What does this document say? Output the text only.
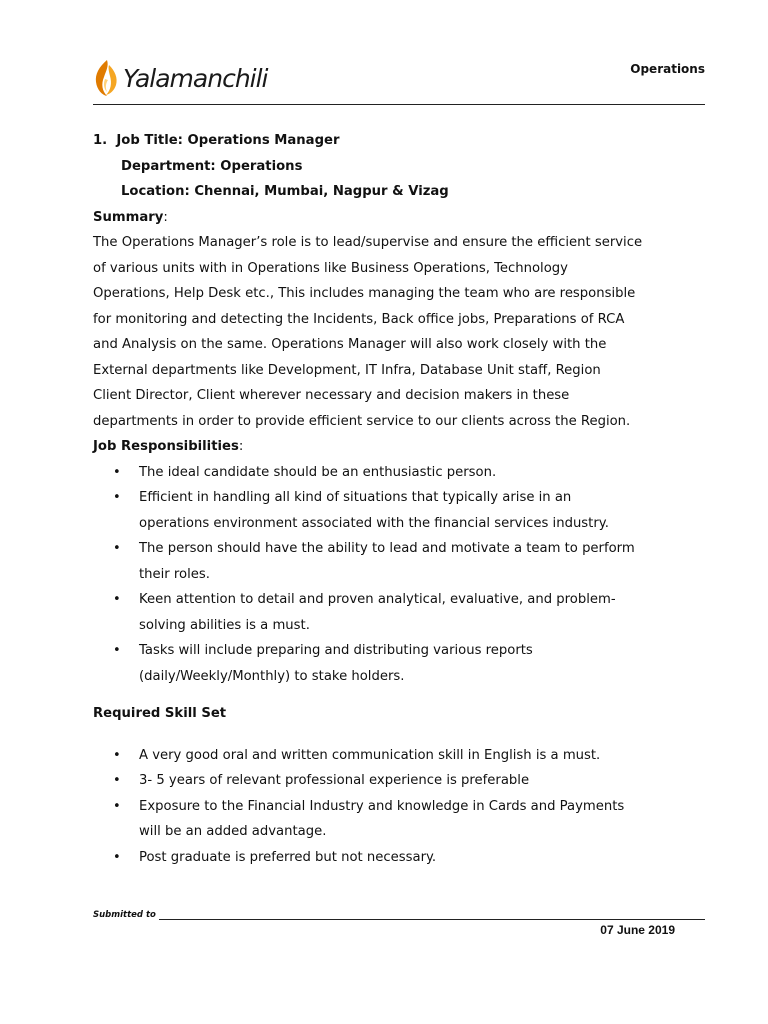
Yalamanchili	Operations
1. Job Title: Operations Manager
Department: Operations
Location: Chennai, Mumbai, Nagpur & Vizag
Summary:
The Operations Manager’s role is to lead/supervise and ensure the efficient service
of various units with in Operations like Business Operations, Technology
Operations, Help Desk etc., This includes managing the team who are responsible
for monitoring and detecting the Incidents, Back office jobs, Preparations of RCA
and Analysis on the same. Operations Manager will also work closely with the
External departments like Development, IT Infra, Database Unit staff, Region
Client Director, Client wherever necessary and decision makers in these
departments in order to provide efficient service to our clients across the Region.
Job Responsibilities:
• The ideal candidate should be an enthusiastic person.
• Efficient in handling all kind of situations that typically arise in an
operations environment associated with the financial services industry.
• The person should have the ability to lead and motivate a team to perform
their roles.
• Keen attention to detail and proven analytical, evaluative, and problem-
solving abilities is a must.
• Tasks will include preparing and distributing various reports
(daily/Weekly/Monthly) to stake holders.
Required Skill Set
• A very good oral and written communication skill in English is a must.
• 3- 5 years of relevant professional experience is preferable
• Exposure to the Financial Industry and knowledge in Cards and Payments
will be an added advantage.
• Post graduate is preferred but not necessary.
Submitted to
07 June 2019
